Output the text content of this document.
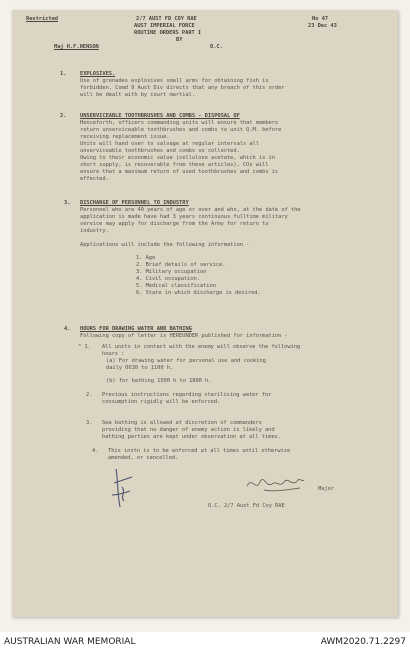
Restricted	2/7 AUST FD COY RAE

AUST IMPERIAL FORCE

ROUTINE ORDERS PART I

BY

No 47

23 Dec 43

Maj H.F.HENSON	O.C.

1.	EXPLOSIVES.

Use of grenades explosives small arms for obtaining fish is

forbidden. Comd 9 Aust Div directs that any breach of this order

will be dealt with by court martial.

2.	UNSERVICEABLE TOOTHBRUSHES AND COMBS - DISPOSAL OF

Henceforth, officers commanding units will ensure that members

return unserviceable toothbrushes and combs to unit Q.M. before

receiving replacement issue.

Units will hand over to salvage at regular intervals all

unserviceable toothbrushes and combs so collected.

Owing to their economic value (cellulose acetate, which is in

short supply, is recoverable from these articles), COs will

ensure that a maximum return of used toothbrushes and combs is

effected.

3. DISCHARGE OF PERSONNEL TO INDUSTRY

Personnel who are 40 years of age or over and who, at the date of the

application is made have had 3 years continuous fulltime military

service may apply for discharge from the Army for return to

industry.

Applications will include the following information -

1. Age

2. Brief details of service.

3. Military occupation

4. Civil occupation.

5. Medical classification

6. State in which discharge is desired.

4. HOURS FOR DRAWING WATER AND BATHING

Following copy of letter is HEREUNDER published for information -

" 1. All units in contact with the enemy will observe the following

hours :

(a) For drawing water for personal use and cooking

daily 0630 to 1100 h.

(b) for bathing 1500 h to 1800 h.

2. Previous instructions regarding sterilising water for

consumption rigidly will be enforced.

3. Sea bathing is allowed at discretion of commanders

providing that no danger of enemy action is likely and

bathing parties are kept under observation at all times.

4. This instn is to be enforced at all times until otherwise

amended, or cancelled.

Major

O.C. 2/7 Aust Fd Coy RAE

AUSTRALIAN WAR MEMORIAL	AWM2020.71.2297
